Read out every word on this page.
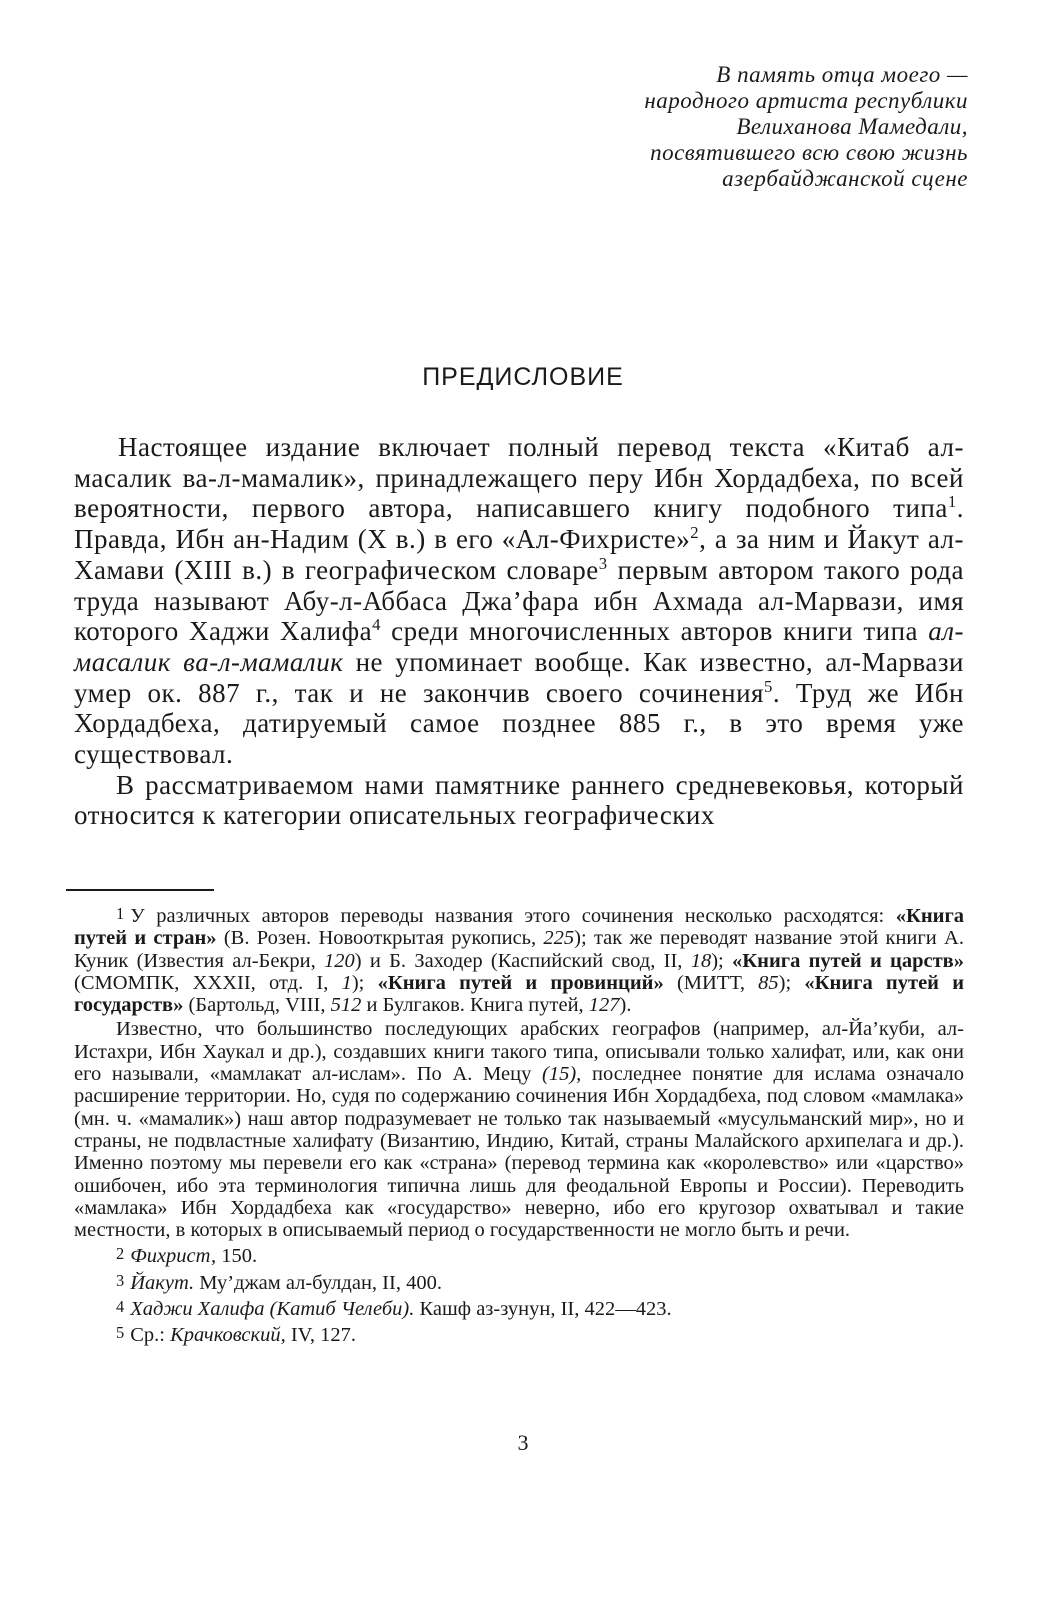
В память отца моего —
народного артиста республики
Велиханова Мамедали,
посвятившего всю свою жизнь
азербайджанской сцене
ПРЕДИСЛОВИЕ

Настоящее издание включает полный перевод текста «Китаб ал-масалик ва-л-мамалик», принадлежащего перу Ибн Хордадбеха, по всей вероятности, первого автора, написавшего книгу подобного типа$^1$. Правда, Ибн ан-Надим (X в.) в его «Ал-Фихристе»$^2$, а за ним и Йакут ал-Хамави (XIII в.) в географическом словаре$^3$ первым автором такого рода труда называют Абу-л-Аббаса Джа’фара ибн Ахмада ал-Марвази, имя которого Хаджи Халифа$^4$ среди многочисленных авторов книги типа ал-масалик ва-л-мамалик не упоминает вообще. Как известно, ал-Марвази умер ок. 887 г., так и не закончив своего сочинения$^5$. Труд же Ибн Хордадбеха, датируемый самое позднее 885 г., в это время уже существовал.

В рассматриваемом нами памятнике раннего средневековья, который относится к категории описательных географических

1 У различных авторов переводы названия этого сочинения несколько расходятся: «Книга путей и стран» (В. Розен. Новооткрытая рукопись, 225); так же переводят название этой книги А. Куник (Известия ал-Бекри, 120) и Б. Заходер (Каспийский свод, II, 18); «Книга путей и царств» (СМОМПК, XXXII, отд. I, 1); «Книга путей и провинций» (МИТТ, 85); «Книга путей и государств» (Бартольд, VIII, 512 и Булгаков. Книга путей, 127).

Известно, что большинство последующих арабских географов (например, ал-Йа’куби, ал-Истахри, Ибн Хаукал и др.), создавших книги такого типа, описывали только халифат, или, как они его называли, «мамлакат ал-ислам». По А. Мецу (15), последнее понятие для ислама означало расширение территории. Но, судя по содержанию сочинения Ибн Хордадбеха, под словом «мамлака» (мн. ч. «мамалик») наш автор подразумевает не только так называемый «мусульманский мир», но и страны, не подвластные халифату (Византию, Индию, Китай, страны Малайского архипелага и др.). Именно поэтому мы перевели его как «страна» (перевод термина как «королевство» или «царство» ошибочен, ибо эта терминология типична лишь для феодальной Европы и России). Переводить «мамлака» Ибн Хордадбеха как «государство» неверно, ибо его кругозор охватывал и такие местности, в которых в описываемый период о государственности не могло быть и речи.

2 Фихрист, 150.

3 Йакут. Му’джам ал-булдан, II, 400.

4 Хаджи Халифа (Катиб Челеби). Кашф аз-зунун, II, 422—423.

5 Ср.: Крачковский, IV, 127.

3
